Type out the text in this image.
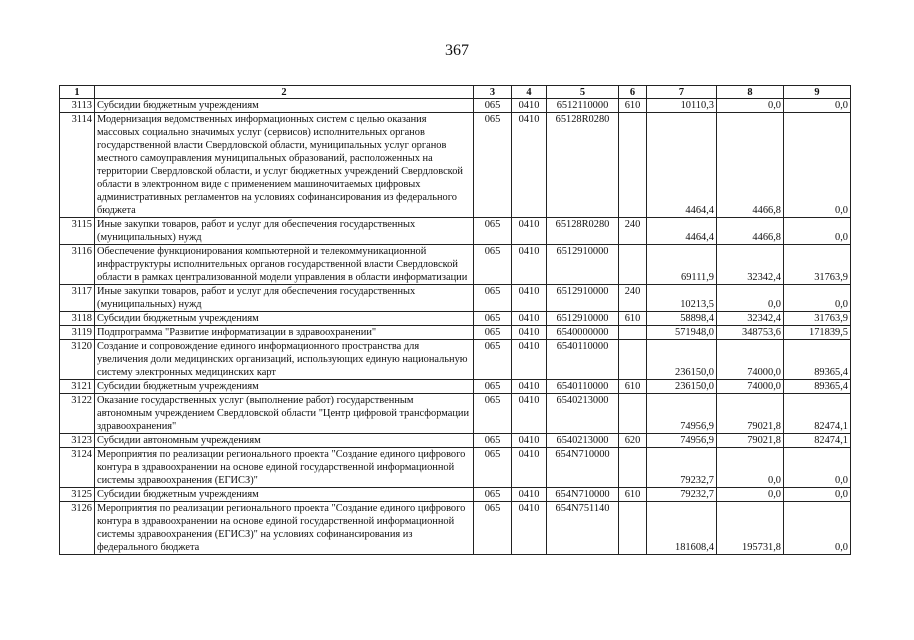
367
1	2	3	4	5	6	7	8	9
3113	Субсидии бюджетным учреждениям	065	0410	6512110000	610	10110,3	0,0	0,0
3114	Модернизация ведомственных информационных систем с целью оказания массовых социально значимых услуг (сервисов) исполнительных органов государственной власти Свердловской области, муниципальных услуг органов местного самоуправления муниципальных образований, расположенных на территории Свердловской области, и услуг бюджетных учреждений Свердловской области в электронном виде с применением машиночитаемых цифровых административных регламентов на условиях софинансирования из федерального бюджета	065	0410	65128R0280		4464,4	4466,8	0,0
3115	Иные закупки товаров, работ и услуг для обеспечения государственных (муниципальных) нужд	065	0410	65128R0280	240	4464,4	4466,8	0,0
3116	Обеспечение функционирования компьютерной и телекоммуникационной инфраструктуры исполнительных органов государственной власти Свердловской области в рамках централизованной модели управления в области информатизации	065	0410	6512910000		69111,9	32342,4	31763,9
3117	Иные закупки товаров, работ и услуг для обеспечения государственных (муниципальных) нужд	065	0410	6512910000	240	10213,5	0,0	0,0
3118	Субсидии бюджетным учреждениям	065	0410	6512910000	610	58898,4	32342,4	31763,9
3119	Подпрограмма "Развитие информатизации в здравоохранении"	065	0410	6540000000		571948,0	348753,6	171839,5
3120	Создание и сопровождение единого информационного пространства для увеличения доли медицинских организаций, использующих единую национальную систему электронных медицинских карт	065	0410	6540110000		236150,0	74000,0	89365,4
3121	Субсидии бюджетным учреждениям	065	0410	6540110000	610	236150,0	74000,0	89365,4
3122	Оказание государственных услуг (выполнение работ) государственным автономным учреждением Свердловской области "Центр цифровой трансформации здравоохранения"	065	0410	6540213000		74956,9	79021,8	82474,1
3123	Субсидии автономным учреждениям	065	0410	6540213000	620	74956,9	79021,8	82474,1
3124	Мероприятия по реализации регионального проекта "Создание единого цифрового контура в здравоохранении на основе единой государственной информационной системы здравоохранения (ЕГИСЗ)"	065	0410	654N710000		79232,7	0,0	0,0
3125	Субсидии бюджетным учреждениям	065	0410	654N710000	610	79232,7	0,0	0,0
3126	Мероприятия по реализации регионального проекта "Создание единого цифрового контура в здравоохранении на основе единой государственной информационной системы здравоохранения (ЕГИСЗ)" на условиях софинансирования из федерального бюджета	065	0410	654N751140		181608,4	195731,8	0,0
